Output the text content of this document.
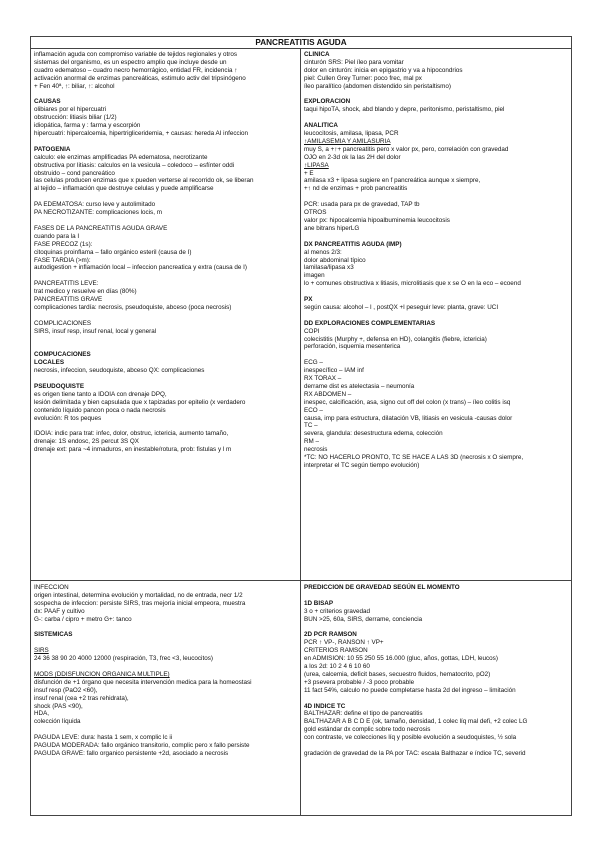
PANCREATITIS AGUDA
inflamación aguda con compromiso variable de tejidos regionales y otros
sistemas del organismo, es un espectro amplio que incluye desde un
cuadro edematoso – cuadro necro hemorrágico, entidad FR, incidencia ↑
activación anormal de enzimas pancreáticas, estimulo activ del tripsinógeno
+ Fen 40ª, ↑: biliar, ↑: alcohol
CAUSAS
olibiares por el hipercuatri
obstrucción: litiasis biliar (1/2)
idiopática, farma y : farma y escorpión
hipercuatri: hipercalcemia, hipertrigliceridemia, + causas: hereda AI infeccion
PATOGENIA
calculo: ele enzimas amplificadas PA edematosa, necrotizante
obstructiva por litiasis: calculos en la vesicula – coledoco – esfínter oddi
obstruido – cond pancreático
las celulas producen enzimas que x pueden verterse al recorrido ok, se liberan
al tejido – inflamación que destruye celulas y puede amplificarse
PA EDEMATOSA: curso leve y autolimitado
PA NECROTIZANTE: complicaciones locis, m
FASES DE LA PANCREATITIS AGUDA GRAVE
cuando para la I
FASE PRECOZ (1s):
citoquinas proinflama – fallo orgánico esteril (causa de I)
FASE TARDIA (>m):
autodigestion + inflamación local – infeccion pancreatica y extra (causa de I)
PANCREATITIS LEVE:
trat medico y resuelve en días (80%)
PANCREATITIS GRAVE
complicaciones tardía: necrosis, pseudoquiste, abceso (poca necrosis)
COMPLICACIONES
SIRS, insuf resp, insuf renal, local y general
COMPUCACIONES
LOCALES
necrosis, infeccion, seudoquiste, abceso QX: complicaciones
PSEUDOQUISTE
es origen tiene tanto a IDOIA con drenaje DPQ,
lesión delimitada y bien capsulada que x tapizadas por epitelio (x verdadero
contenido líquido pancon poca o nada necrosis
evolución: R tos peques
IDOIA: indic para trat: infec, dolor, obstruc, ictericia, aumento tamaño,
drenaje: 1S endosc, 2S percut 3S QX
drenaje ext: para ~4 inmaduros, en inestable/rotura, prob: fistulas y l m
CLINICA
cinturón SRS: Piel íleo para vomitar
dolor en cinturón: inicia en epigastrio y va a hipocondrios
piel: Cullen Grey Turner: poco frec, mal px
íleo paralítico (abdomen distendido sin peristaltismo)
EXPLORACION
taqui hipoTA, shock, abd blando y depre, peritonismo, peristaltismo, piel
ANALITICA
leucocitosis, amilasa, lipasa, PCR
↑AMILASEMIA Y AMILASURIA
muy S, a +↑+ pancreatitis pero x valor px, pero, correlación con gravedad
OJO en 2-3d ok la las 2H del dolor
↑LIPASA
+ E
amilasa x3 + lipasa sugiere en f pancreática aunque x siempre,
+↑ nd de enzimas + prob pancreatitis
PCR: usada para px de gravedad, TAP tb
OTROS
valor px: hipocalcemia hipoalbuminemia leucocitosis
ane bitrans hiperLG
DX PANCREATITIS AGUDA (IMP)
al menos 2/3:
dolor abdominal típico
lamilasa/lipasa x3
imagen
lo + comunes obstructiva x litiasis, microlitiasis que x se O en la eco – ecoend
PX
según causa: alcohol – l , postQX +l peseguir leve: planta, grave: UCI
DD EXPLORACIONES COMPLEMENTARIAS
COPI
colecistitis (Murphy +, defensa en HD), colangitis (fiebre, ictericia)
perforación, isquemia mesenterica
ECG –
inespecífico – IAM inf
RX TORAX –
derrame dist es atelectasia – neumonía
RX ABDOMEN –
inespec, calcificación, asa, signo cut off del colon (x trans) – íleo colitis isq
ECO –
causa, imp para estructura, dilatación VB, litiasis en vesicula -causas dolor
TC –
severa, glandula: desestructura edema, colección
RM –
necrosis
*TC: NO HACERLO PRONTO, TC SE HACE A LAS 3D (necrosis x O siempre,
interpretar el TC según tiempo evolución)
INFECCION
origen intestinal, determina evolución y mortalidad, no de entrada, necr 1/2
sospecha de infeccion: persiste SIRS, tras mejoría inicial empeora, muestra
dx: PAAF y cultivo
G-: carba / cipro + metro G+: tanco
SISTEMICAS
SIRS
24 36 38 90 20 4000 12000 (respiración, T3, frec <3, leucocitos)
MODS (DDISFUNCION ORGANICA MULTIPLE)
disfunción de +1 órgano que necesita intervención medica para la homeostasi
insuf resp (PaO2 <60),
insuf renal (cea +2 tras rehidrata),
shock (PAS <90),
HDA,
colección líquida
PAGUDA LEVE: dura: hasta 1 sem, x complic lc ii
PAGUDA MODERADA: fallo orgánico transitorio, complic pero x fallo persiste
PAGUDA GRAVE: fallo organico persistente +2d, asociado a necrosis
PREDICCION DE GRAVEDAD SEGÚN EL MOMENTO
1D BISAP
3 o + criterios gravedad
BUN >25, 60a, SIRS, derrame, conciencia
2D PCR RAMSON
PCR ↑ VP-, RANSON ↑ VP+
CRITERIOS RAMSON
en ADMISION: 10 55 250 55 16.000 (gluc, años, gottas, LDH, leucos)
a los 2d: 10 2 4 6 10 60
(urea, calcemia, deficit bases, secuestro fluidos, hematocrito, pO2)
+3 psevera probable / -3 poco probable
11 fact 54%, calculo no puede completarse hasta 2d del ingreso – limitación
4D INDICE TC
BALTHAZAR: define el tipo de pancreatitis
BALTHAZAR A B C D E (ok, tamaño, densidad, 1 colec líq mal defi, +2 colec LG
gold estándar dx complic sobre todo necrosis
con contraste, ve colecciones líq y posible evolución a seudoquistes, ½ sola
gradación de gravedad de la PA por TAC: escala Balthazar e índice TC, severid
